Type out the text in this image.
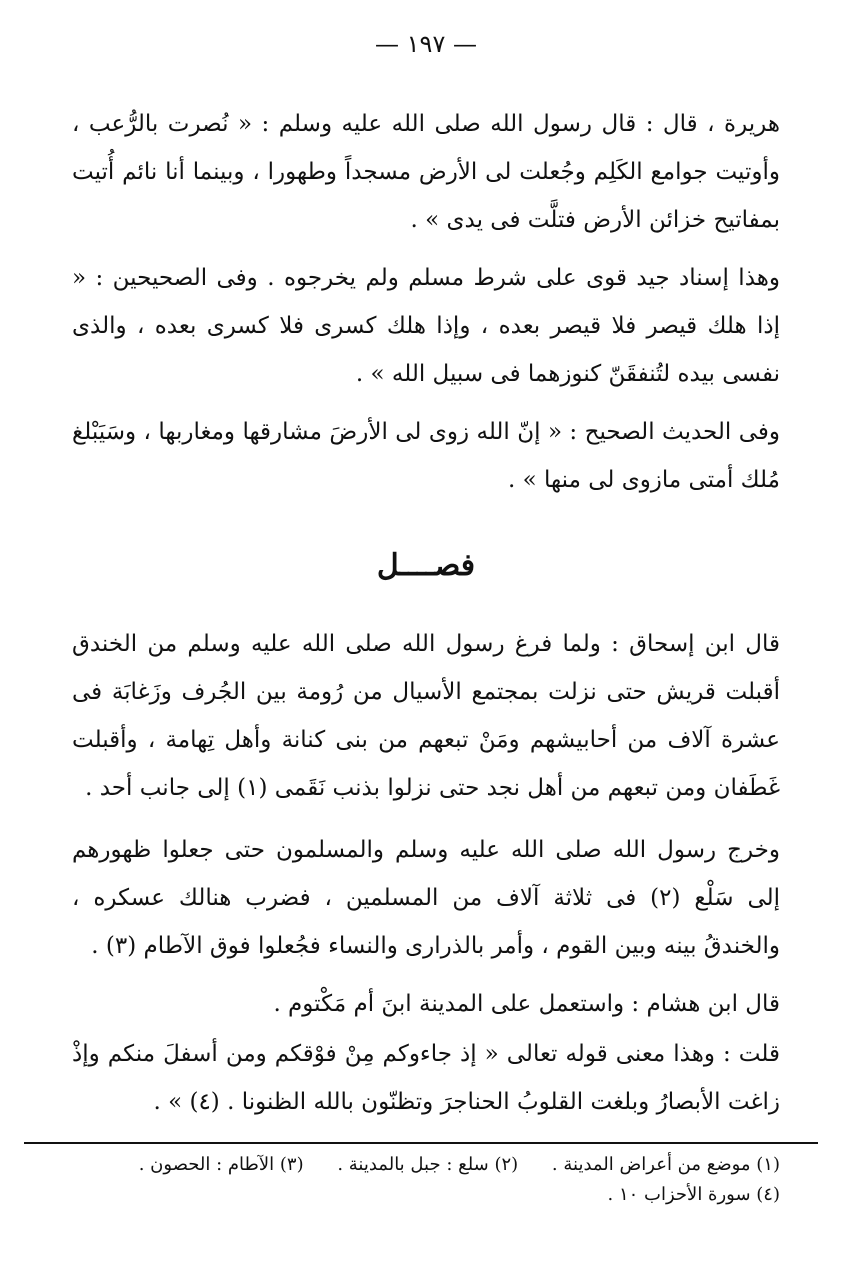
— ١٩٧ —

هريرة ، قال : قال رسول الله صلى الله عليه وسلم : « نُصرت بالرُّعب ، وأوتيت جوامع الكَلِم وجُعلت لى الأرض مسجداً وطهورا ، وبينما أنا نائم أُتيت بمفاتيح خزائن الأرض فتلَّت فى يدى » .

وهذا إسناد جيد قوى على شرط مسلم ولم يخرجوه . وفى الصحيحين : « إذا هلك قيصر فلا قيصر بعده ، وإذا هلك كسرى فلا كسرى بعده ، والذى نفسى بيده لتُنفقَنّ كنوزهما فى سبيل الله » .

وفى الحديث الصحيح : « إنّ الله زوى لى الأرضَ مشارقها ومغاربها ، وسَيَبْلغ مُلك أمتى مازوى لى منها » .

فصــــل

قال ابن إسحاق : ولما فرغ رسول الله صلى الله عليه وسلم من الخندق أقبلت قريش حتى نزلت بمجتمع الأسيال من رُومة بين الجُرف وزَغابَة فى عشرة آلاف من أحابيشهم ومَنْ تبعهم من بنى كنانة وأهل تِهامة ، وأقبلت غَطَفان ومن تبعهم من أهل نجد حتى نزلوا بذنب نَقَمى (١) إلى جانب أحد .

وخرج رسول الله صلى الله عليه وسلم والمسلمون حتى جعلوا ظهورهم إلى سَلْع (٢) فى ثلاثة آلاف من المسلمين ، فضرب هنالك عسكره ، والخندقُ بينه وبين القوم ، وأمر بالذرارى والنساء فجُعلوا فوق الآطام (٣) .

قال ابن هشام : واستعمل على المدينة ابنَ أم مَكْتوم .

قلت : وهذا معنى قوله تعالى « إذ جاءوكم مِنْ فوْقكم ومن أسفلَ منكم وإذْ زاغت الأبصارُ وبلغت القلوبُ الحناجرَ وتظنّون بالله الظنونا . (٤) » .

(١) موضع من أعراض المدينة . (٢) سلع : جبل بالمدينة . (٣) الآطام : الحصون .
(٤) سورة الأحزاب ١٠ .
